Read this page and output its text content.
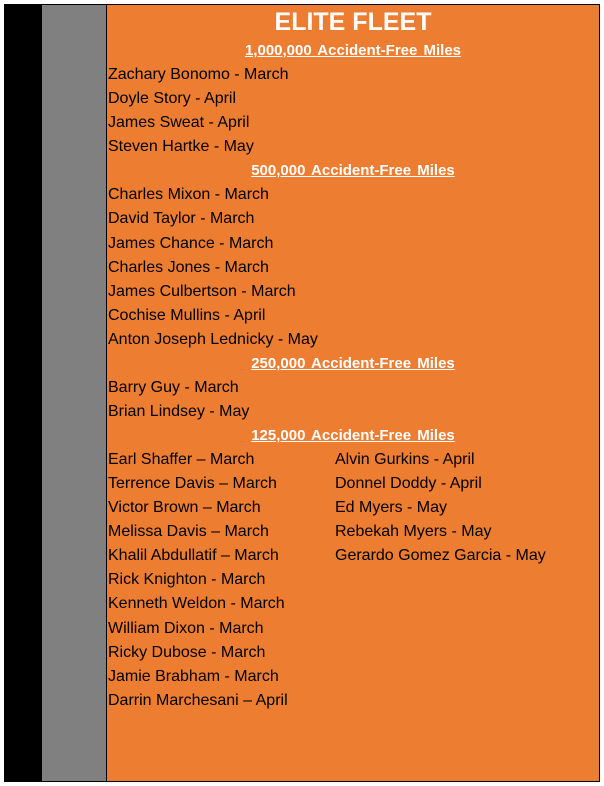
ELITE FLEET
1,000,000 Accident-Free Miles
Zachary Bonomo - March
Doyle Story - April
James Sweat - April
Steven Hartke - May
500,000 Accident-Free Miles
Charles Mixon - March
David Taylor - March
James Chance - March
Charles Jones - March
James Culbertson - March
Cochise Mullins - April
Anton Joseph Lednicky - May
250,000 Accident-Free Miles
Barry Guy - March
Brian Lindsey - May
125,000 Accident-Free Miles
Earl Shaffer – March
Terrence Davis – March
Victor Brown – March
Melissa Davis – March
Khalil Abdullatif – March
Rick Knighton - March
Kenneth Weldon - March
William Dixon - March
Ricky Dubose - March
Jamie Brabham - March
Darrin Marchesani – April
Alvin Gurkins - April
Donnel Doddy - April
Ed Myers - May
Rebekah Myers - May
Gerardo Gomez Garcia - May
